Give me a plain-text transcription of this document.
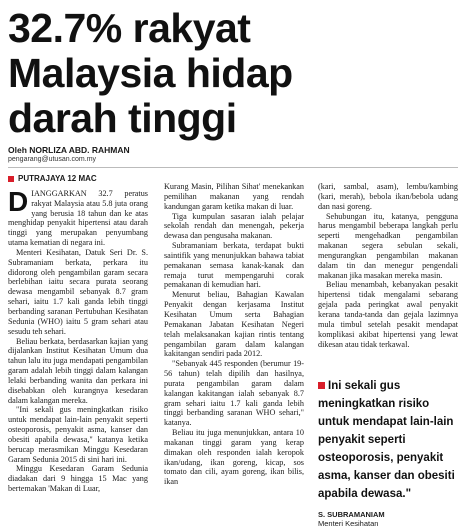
32.7% rakyat
Malaysia hidap
darah tinggi
Oleh NORLIZA ABD. RAHMAN
pengarang@utusan.com.my
PUTRAJAYA 12 MAC

DIANGGARKAN 32.7 peratus rakyat Malaysia atau 5.8 juta orang yang berusia 18 tahun dan ke atas menghidap penyakit hipertensi atau darah tinggi yang merupakan penyumbang utama kematian di negara ini.

Menteri Kesihatan, Datuk Seri Dr. S. Subramaniam berkata, perkara itu didorong oleh pengambilan garam secara berlebihan iaitu secara purata seorang dewasa mengambil sebanyak 8.7 gram sehari, iaitu 1.7 kali ganda lebih tinggi berbanding saranan Pertubuhan Kesihatan Sedunia (WHO) iaitu 5 gram sehari atau sesudu teh sehari.

Beliau berkata, berdasarkan kajian yang dijalankan Institut Kesihatan Umum dua tahun lalu itu juga mendapati pengambilan garam adalah lebih tinggi dalam kalangan lelaki berbanding wanita dan perkara ini disebabkan oleh kurangnya kesedaran dalam kalangan mereka.

"Ini sekali gus meningkatkan risiko untuk mendapat lain-lain penyakit seperti osteoporosis, penyakit asma, kanser dan obesiti apabila dewasa," katanya ketika berucap merasmikan Minggu Kesedaran Garam Sedunia 2015 di sini hari ini.

Minggu Kesedaran Garam Sedunia diadakan dari 9 hingga 15 Mac yang bertemakan 'Makan di Luar,

Kurang Masin, Pilihan Sihat' menekankan pemilihan makanan yang rendah kandungan garam ketika makan di luar.

Tiga kumpulan sasaran ialah pelajar sekolah rendah dan menengah, pekerja dewasa dan pengusaha makanan.

Subramaniam berkata, terdapat bukti saintifik yang menunjukkan bahawa tabiat pemakanan semasa kanak-kanak dan remaja turut mempengaruhi corak pemakanan di kemudian hari.

Menurut beliau, Bahagian Kawalan Penyakit dengan kerjasama Institut Kesihatan Umum serta Bahagian Pemakanan Jabatan Kesihatan Negeri telah melaksanakan kajian rintis tentang pengambilan garam dalam kalangan kakitangan sendiri pada 2012.

"Sebanyak 445 responden (berumur 19-56 tahun) telah dipilih dan hasilnya, purata pengambilan garam dalam kalangan kakitangan ialah sebanyak 8.7 gram sehari iaitu 1.7 kali ganda lebih tinggi berbanding saranan WHO sehari," katanya.

Beliau itu juga menunjukkan, antara 10 makanan tinggi garam yang kerap dimakan oleh responden ialah keropok ikan/udang, ikan goreng, kicap, sos tomato dan cili, ayam goreng, ikan bilis, ikan

(kari, sambal, asam), lembu/kambing (kari, merah), bebola ikan/bebola udang dan nasi goreng.

Sehubungan itu, katanya, pengguna harus mengambil beberapa langkah perlu seperti mengehadkan pengambilan makanan segera sebulan sekali, mengurangkan pengambilan makanan dalam tin dan menegur pengendali makanan jika masakan mereka masin.

Beliau menambah, kebanyakan pesakit hipertensi tidak mengalami sebarang gejala pada peringkat awal penyakit kerana tanda-tanda dan gejala lazimnya mula timbul setelah pesakit mendapat komplikasi akibat hipertensi yang lewat dikesan atau tidak terkawal.

Ini sekali gus meningkatkan risiko untuk mendapat lain-lain penyakit seperti osteoporosis, penyakit asma, kanser dan obesiti apabila dewasa."
S. SUBRAMANIAM
Menteri Kesihatan
